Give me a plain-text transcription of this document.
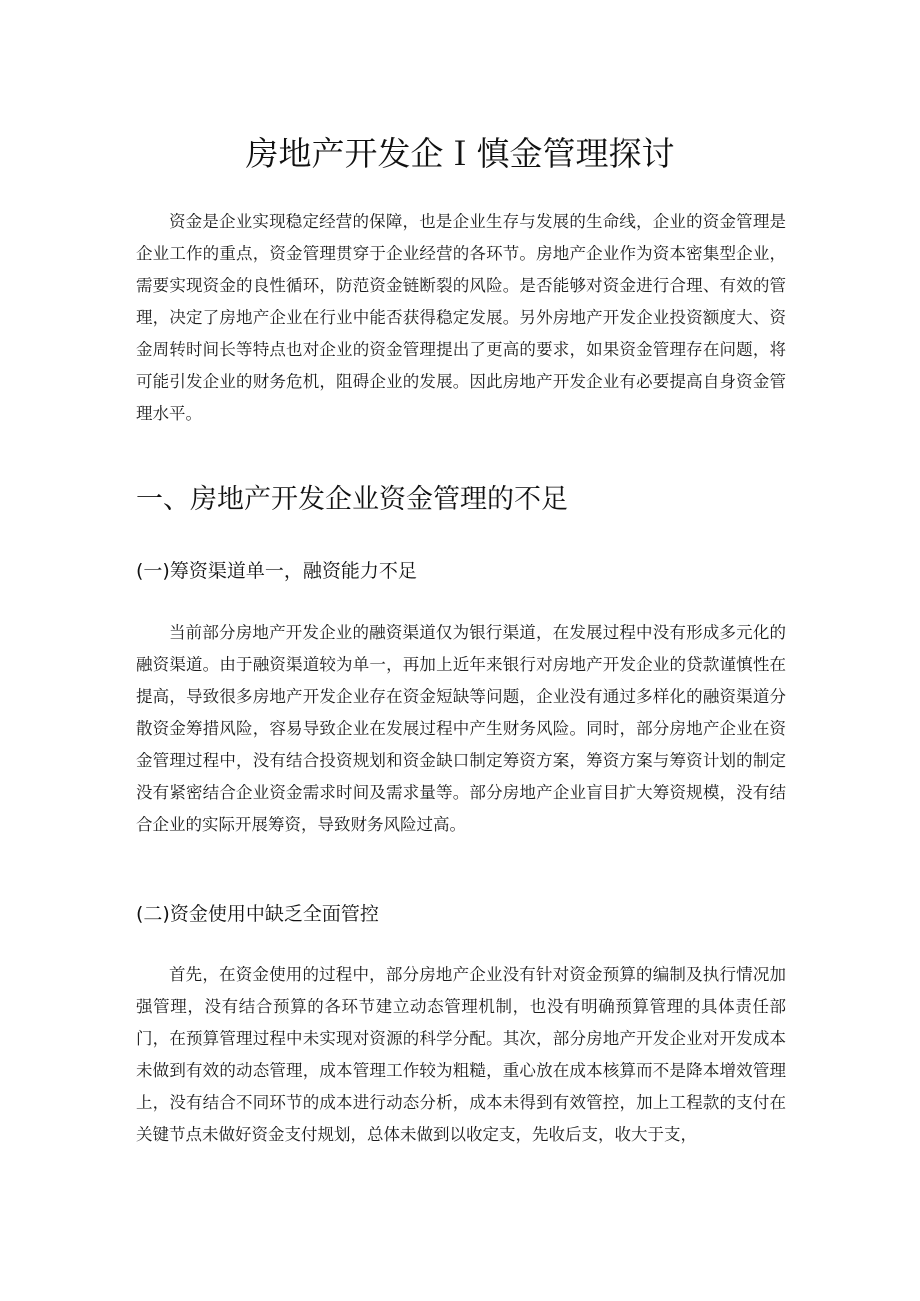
房地产开发企Ｉ慎金管理探讨

资金是企业实现稳定经营的保障，也是企业生存与发展的生命线，企业的资金管理是企业工作的重点，资金管理贯穿于企业经营的各环节。房地产企业作为资本密集型企业，需要实现资金的良性循环，防范资金链断裂的风险。是否能够对资金进行合理、有效的管理，决定了房地产企业在行业中能否获得稳定发展。另外房地产开发企业投资额度大、资金周转时间长等特点也对企业的资金管理提出了更高的要求，如果资金管理存在问题，将可能引发企业的财务危机，阻碍企业的发展。因此房地产开发企业有必要提高自身资金管理水平。

一、房地产开发企业资金管理的不足
(一)筹资渠道单一，融资能力不足

当前部分房地产开发企业的融资渠道仅为银行渠道，在发展过程中没有形成多元化的融资渠道。由于融资渠道较为单一，再加上近年来银行对房地产开发企业的贷款谨慎性在提高，导致很多房地产开发企业存在资金短缺等问题，企业没有通过多样化的融资渠道分散资金筹措风险，容易导致企业在发展过程中产生财务风险。同时，部分房地产企业在资金管理过程中，没有结合投资规划和资金缺口制定筹资方案，筹资方案与筹资计划的制定没有紧密结合企业资金需求时间及需求量等。部分房地产企业盲目扩大筹资规模，没有结合企业的实际开展筹资，导致财务风险过高。

(二)资金使用中缺乏全面管控

首先，在资金使用的过程中，部分房地产企业没有针对资金预算的编制及执行情况加强管理，没有结合预算的各环节建立动态管理机制，也没有明确预算管理的具体责任部门，在预算管理过程中未实现对资源的科学分配。其次，部分房地产开发企业对开发成本未做到有效的动态管理，成本管理工作较为粗糙，重心放在成本核算而不是降本增效管理上，没有结合不同环节的成本进行动态分析，成本未得到有效管控，加上工程款的支付在关键节点未做好资金支付规划，总体未做到以收定支，先收后支，收大于支，
